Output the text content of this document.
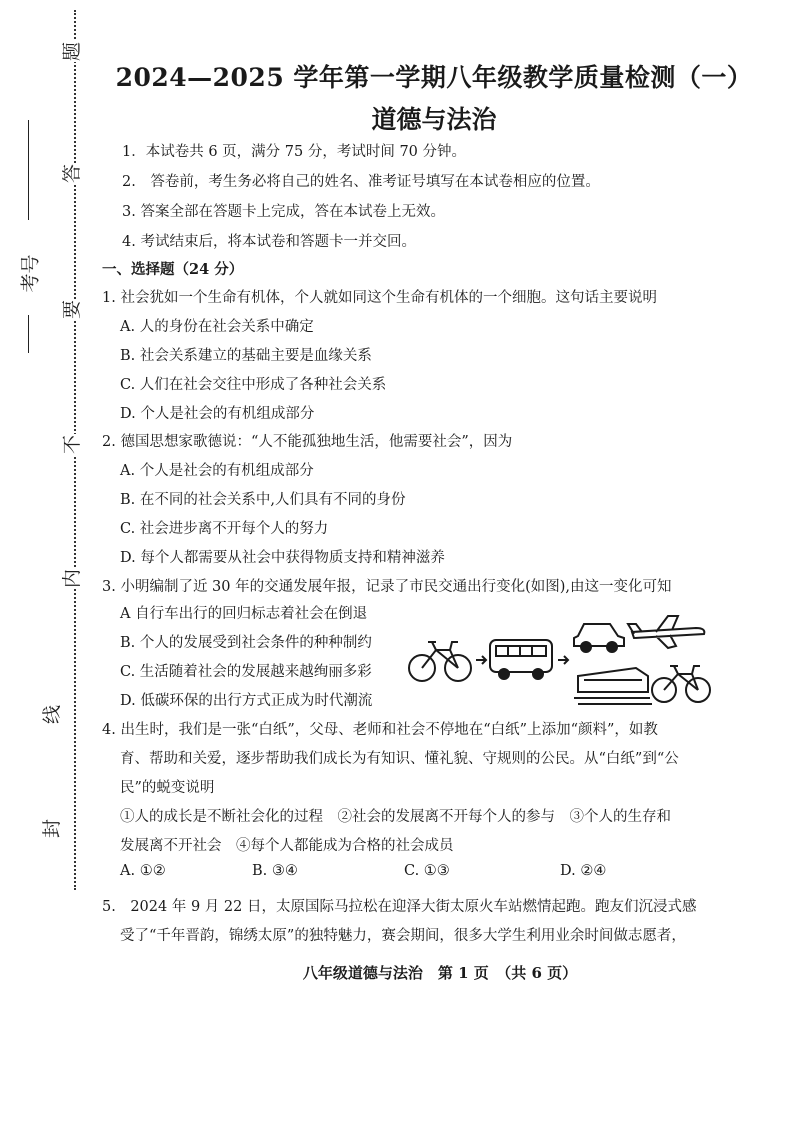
题
答
要
不
内
线
封
考号
2024—2025 学年第一学期八年级教学质量检测（一）
道德与法治
1．本试卷共 6 页，满分 75 分，考试时间 70 分钟。
2.　答卷前，考生务必将自己的姓名、准考证号填写在本试卷相应的位置。
3. 答案全部在答题卡上完成，答在本试卷上无效。
4. 考试结束后，将本试卷和答题卡一并交回。
一、选择题（24 分）
1. 社会犹如一个生命有机体，个人就如同这个生命有机体的一个细胞。这句话主要说明
A. 人的身份在社会关系中确定
B. 社会关系建立的基础主要是血缘关系
C. 人们在社会交往中形成了各种社会关系
D. 个人是社会的有机组成部分
2. 德国思想家歌德说：“人不能孤独地生活，他需要社会”，因为
A. 个人是社会的有机组成部分
B. 在不同的社会关系中,人们具有不同的身份
C. 社会进步离不开每个人的努力
D. 每个人都需要从社会中获得物质支持和精神滋养
3. 小明编制了近 30 年的交通发展年报，记录了市民交通出行变化(如图),由这一变化可知
A 自行车出行的回归标志着社会在倒退
B. 个人的发展受到社会条件的种种制约
C. 生活随着社会的发展越来越绚丽多彩
D. 低碳环保的出行方式正成为时代潮流
4. 出生时，我们是一张“白纸”，父母、老师和社会不停地在“白纸”上添加“颜料”，如教
育、帮助和关爱，逐步帮助我们成长为有知识、懂礼貌、守规则的公民。从“白纸”到“公
民”的蜕变说明
①人的成长是不断社会化的过程　②社会的发展离不开每个人的参与　③个人的生存和
发展离不开社会　④每个人都能成为合格的社会成员
A. ①②	B. ③④	C. ①③	D. ②④
5.　2024 年 9 月 22 日，太原国际马拉松在迎泽大街太原火车站燃情起跑。跑友们沉浸式感
受了“千年晋韵，锦绣太原”的独特魅力，赛会期间，很多大学生利用业余时间做志愿者，
八年级道德与法治　第 1 页　（共 6 页）
